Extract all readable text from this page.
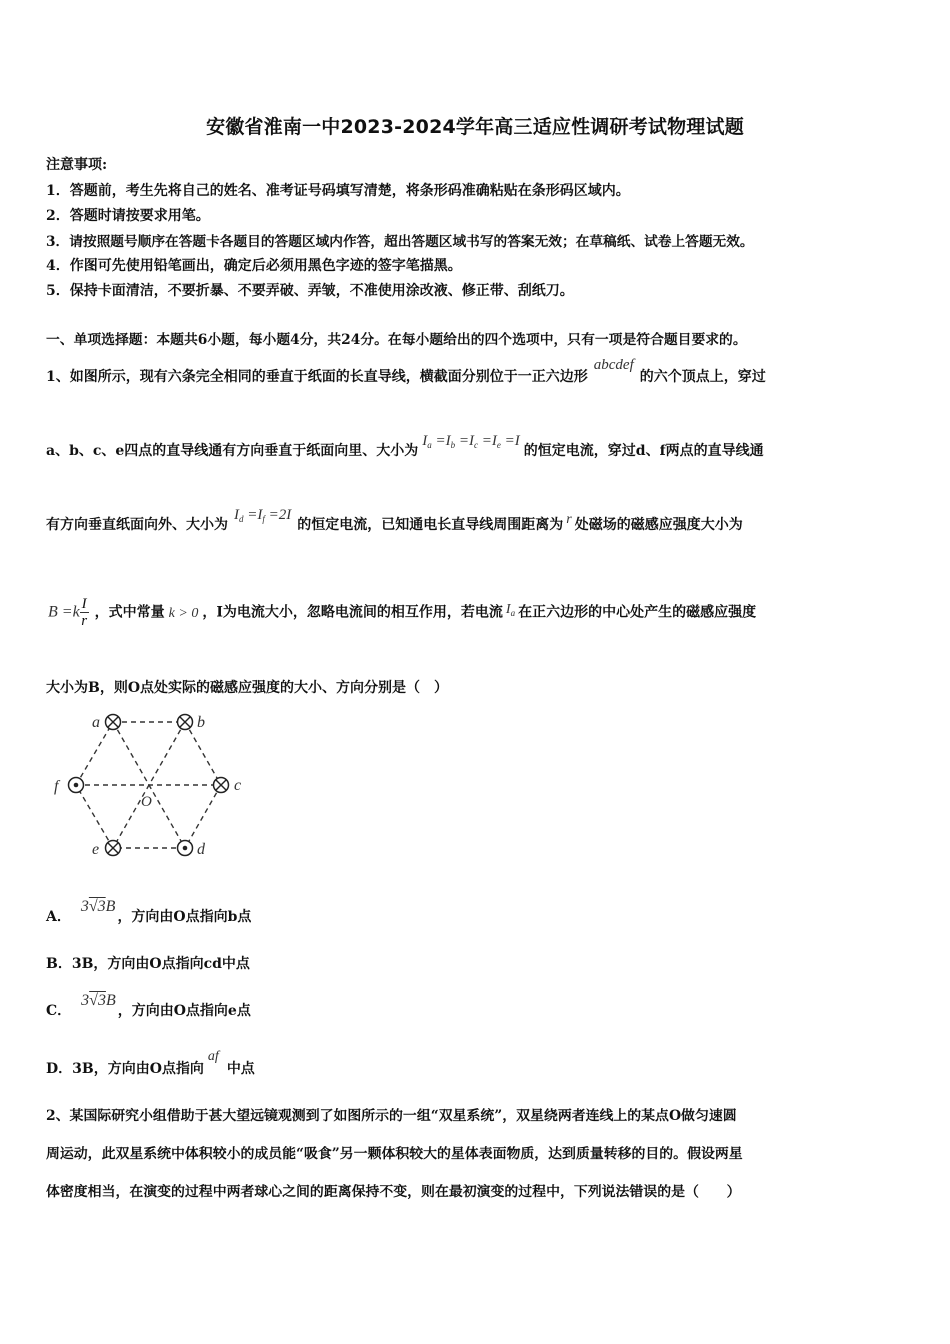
安徽省淮南一中2023-2024学年高三适应性调研考试物理试题
注意事项:
1．答题前，考生先将自己的姓名、准考证号码填写清楚，将条形码准确粘贴在条形码区域内。
2．答题时请按要求用笔。
3．请按照题号顺序在答题卡各题目的答题区域内作答，超出答题区域书写的答案无效；在草稿纸、试卷上答题无效。
4．作图可先使用铅笔画出，确定后必须用黑色字迹的签字笔描黑。
5．保持卡面清洁，不要折暴、不要弄破、弄皱，不准使用涂改液、修正带、刮纸刀。
一、单项选择题：本题共6小题，每小题4分，共24分。在每小题给出的四个选项中，只有一项是符合题目要求的。
1、如图所示，现有六条完全相同的垂直于纸面的长直导线，横截面分别位于一正六边形abcdef的六个顶点上，穿过
a、b、c、e四点的直导线通有方向垂直于纸面向里、大小为$I_a =I_b =I_c =I_e =I$的恒定电流，穿过d、f两点的直导线通
有方向垂直纸面向外、大小为$I_d =I_f =2I$的恒定电流，已知通电长直导线周围距离为 r 处磁场的磁感应强度大小为
$B =k \frac{I}{r}$ ，式中常量 k > 0 ，I为电流大小，忽略电流间的相互作用，若电流 $I_a$ 在正六边形的中心处产生的磁感应强度
大小为B，则O点处实际的磁感应强度的大小、方向分别是（　）
a	b
c
d
e
f
O
A．3√3B，方向由O点指向b点
B．3B，方向由O点指向cd中点
C．3√3B，方向由O点指向e点
D．3B，方向由O点指向af中点
2、某国际研究小组借助于甚大望远镜观测到了如图所示的一组“双星系统”，双星绕两者连线上的某点O做匀速圆
周运动，此双星系统中体积较小的成员能“吸食”另一颗体积较大的星体表面物质，达到质量转移的目的。假设两星
体密度相当，在演变的过程中两者球心之间的距离保持不变，则在最初演变的过程中，下列说法错误的是（　　）
